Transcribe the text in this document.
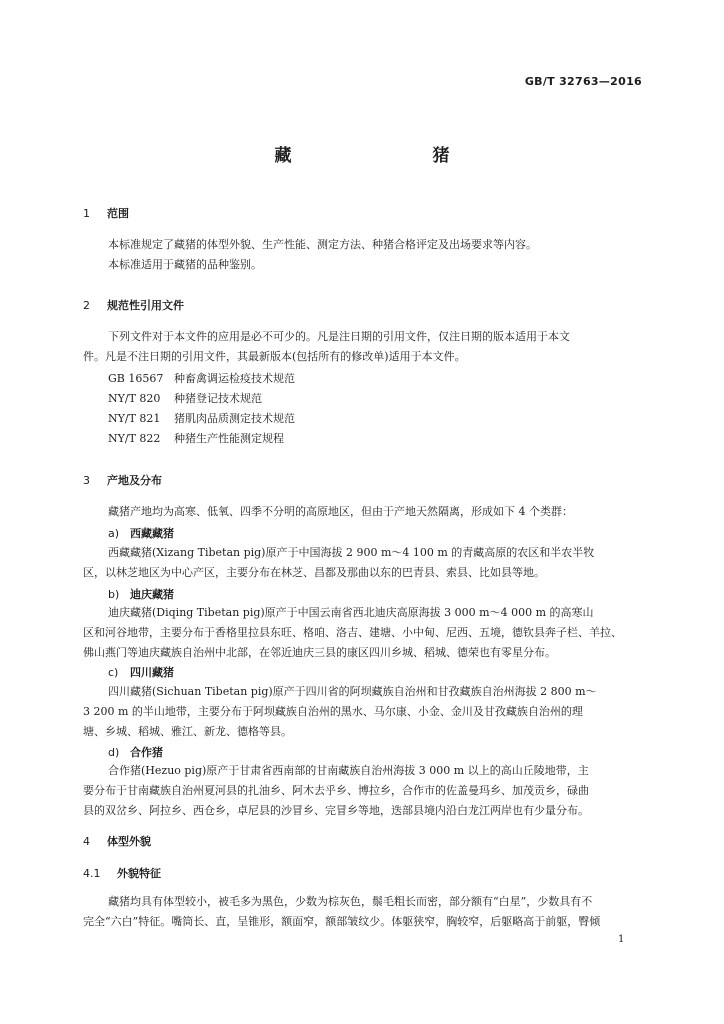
GB/T 32763—2016
藏　猪
1 范围
本标准规定了藏猪的体型外貌、生产性能、测定方法、种猪合格评定及出场要求等内容。
本标准适用于藏猪的品种鉴别。
2 规范性引用文件
下列文件对于本文件的应用是必不可少的。凡是注日期的引用文件，仅注日期的版本适用于本文
件。凡是不注日期的引用文件，其最新版本(包括所有的修改单)适用于本文件。
GB 16567 种畜禽调运检疫技术规范
NY/T 820 种猪登记技术规范
NY/T 821 猪肌肉品质测定技术规范
NY/T 822 种猪生产性能测定规程
3 产地及分布
藏猪产地均为高寒、低氧、四季不分明的高原地区，但由于产地天然隔离，形成如下 4 个类群：
a) 西藏藏猪
西藏藏猪(Xizang Tibetan pig)原产于中国海拔 2 900 m～4 100 m 的青藏高原的农区和半农半牧
区，以林芝地区为中心产区，主要分布在林芝、昌都及那曲以东的巴青县、索县、比如县等地。
b) 迪庆藏猪
迪庆藏猪(Diqing Tibetan pig)原产于中国云南省西北迪庆高原海拔 3 000 m～4 000 m 的高寒山
区和河谷地带，主要分布于香格里拉县东旺、格咱、洛吉、建塘、小中甸、尼西、五境，德钦县奔子栏、羊拉、
佛山燕门等迪庆藏族自治州中北部，在邻近迪庆三县的康区四川乡城、稻城、德荣也有零星分布。
c) 四川藏猪
四川藏猪(Sichuan Tibetan pig)原产于四川省的阿坝藏族自治州和甘孜藏族自治州海拔 2 800 m～
3 200 m 的半山地带，主要分布于阿坝藏族自治州的黑水、马尔康、小金、金川及甘孜藏族自治州的理
塘、乡城、稻城、雅江、新龙、德格等县。
d) 合作猪
合作猪(Hezuo pig)原产于甘肃省西南部的甘南藏族自治州海拔 3 000 m 以上的高山丘陵地带，主
要分布于甘南藏族自治州夏河县的扎油乡、阿木去乎乡、博拉乡，合作市的佐盖曼玛乡、加茂贡乡，碌曲
县的双岔乡、阿拉乡、西仓乡，卓尼县的沙冒乡、完冒乡等地，迭部县境内沿白龙江两岸也有少量分布。
4 体型外貌
4.1 外貌特征
藏猪均具有体型较小，被毛多为黑色，少数为棕灰色，鬃毛粗长而密，部分额有“白星”，少数具有不
完全“六白”特征。嘴筒长、直，呈锥形，额面窄，额部皱纹少。体躯狭窄，胸较窄，后躯略高于前躯，臀倾
1
